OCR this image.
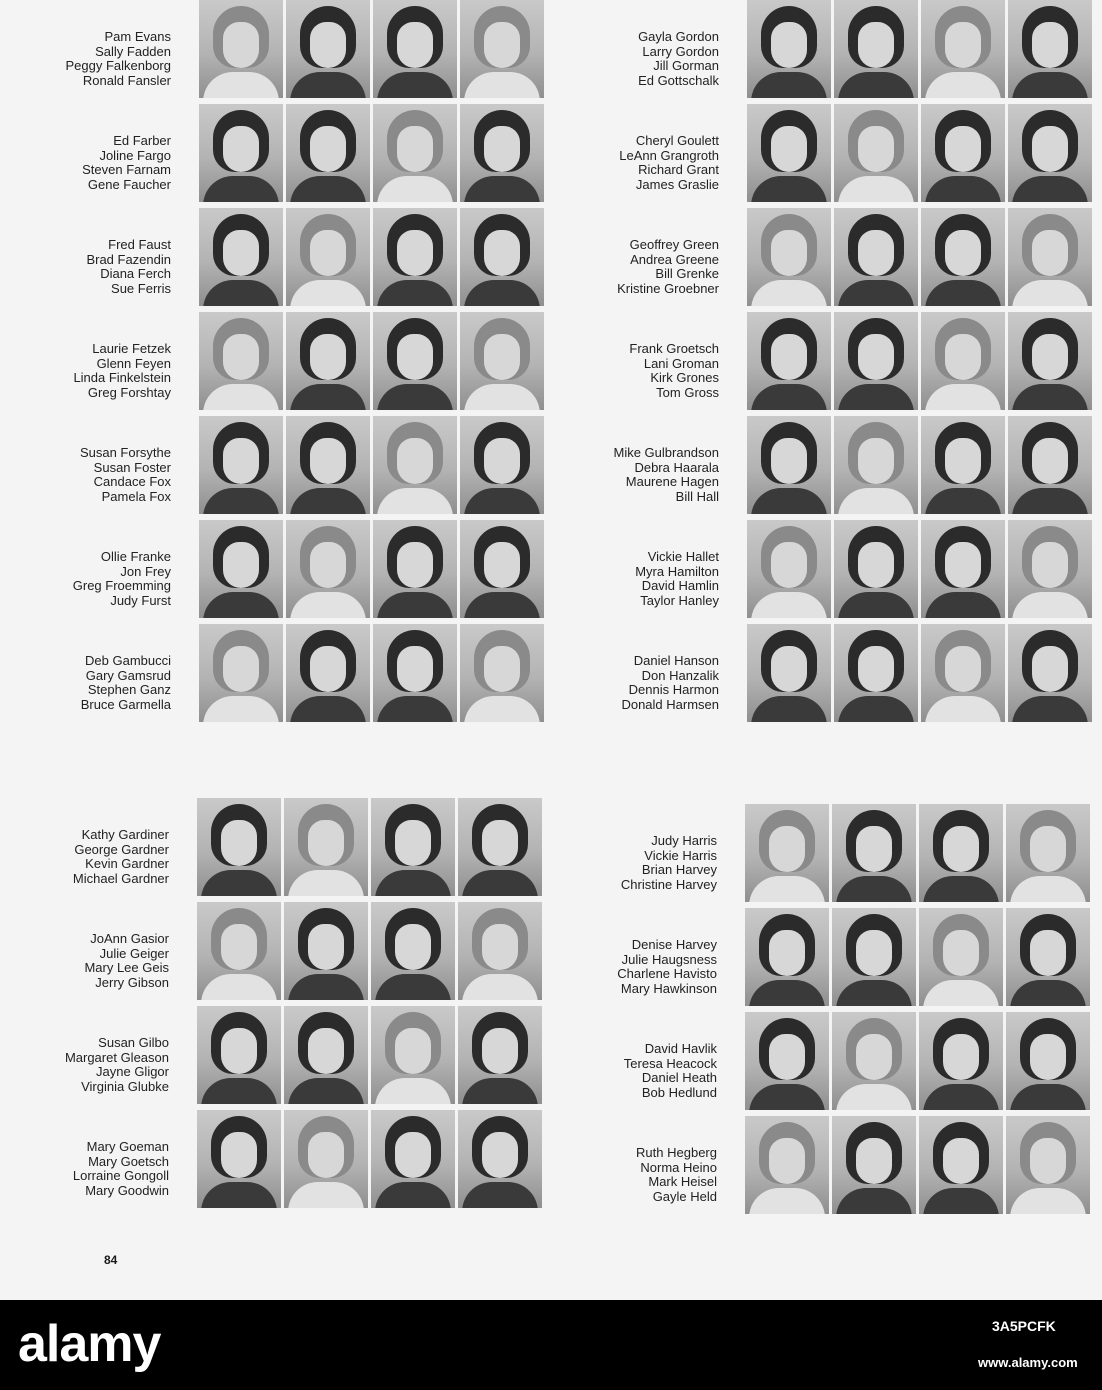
Pam Evans
Sally Fadden
Peggy Falkenborg
Ronald Fansler
Ed Farber
Joline Fargo
Steven Farnam
Gene Faucher
Fred Faust
Brad Fazendin
Diana Ferch
Sue Ferris
Laurie Fetzek
Glenn Feyen
Linda Finkelstein
Greg Forshtay
Susan Forsythe
Susan Foster
Candace Fox
Pamela Fox
Ollie Franke
Jon Frey
Greg Froemming
Judy Furst
Deb Gambucci
Gary Gamsrud
Stephen Ganz
Bruce Garmella
Gayla Gordon
Larry Gordon
Jill Gorman
Ed Gottschalk
Cheryl Goulett
LeAnn Grangroth
Richard Grant
James Graslie
Geoffrey Green
Andrea Greene
Bill Grenke
Kristine Groebner
Frank Groetsch
Lani Groman
Kirk Grones
Tom Gross
Mike Gulbrandson
Debra Haarala
Maurene Hagen
Bill Hall
Vickie Hallet
Myra Hamilton
David Hamlin
Taylor Hanley
Daniel Hanson
Don Hanzalik
Dennis Harmon
Donald Harmsen
Kathy Gardiner
George Gardner
Kevin Gardner
Michael Gardner
JoAnn Gasior
Julie Geiger
Mary Lee Geis
Jerry Gibson
Susan Gilbo
Margaret Gleason
Jayne Gligor
Virginia Glubke
Mary Goeman
Mary Goetsch
Lorraine Gongoll
Mary Goodwin
Judy Harris
Vickie Harris
Brian Harvey
Christine Harvey
Denise Harvey
Julie Haugsness
Charlene Havisto
Mary Hawkinson
David Havlik
Teresa Heacock
Daniel Heath
Bob Hedlund
Ruth Hegberg
Norma Heino
Mark Heisel
Gayle Held
84
alamy	3A5PCFK
www.alamy.com
